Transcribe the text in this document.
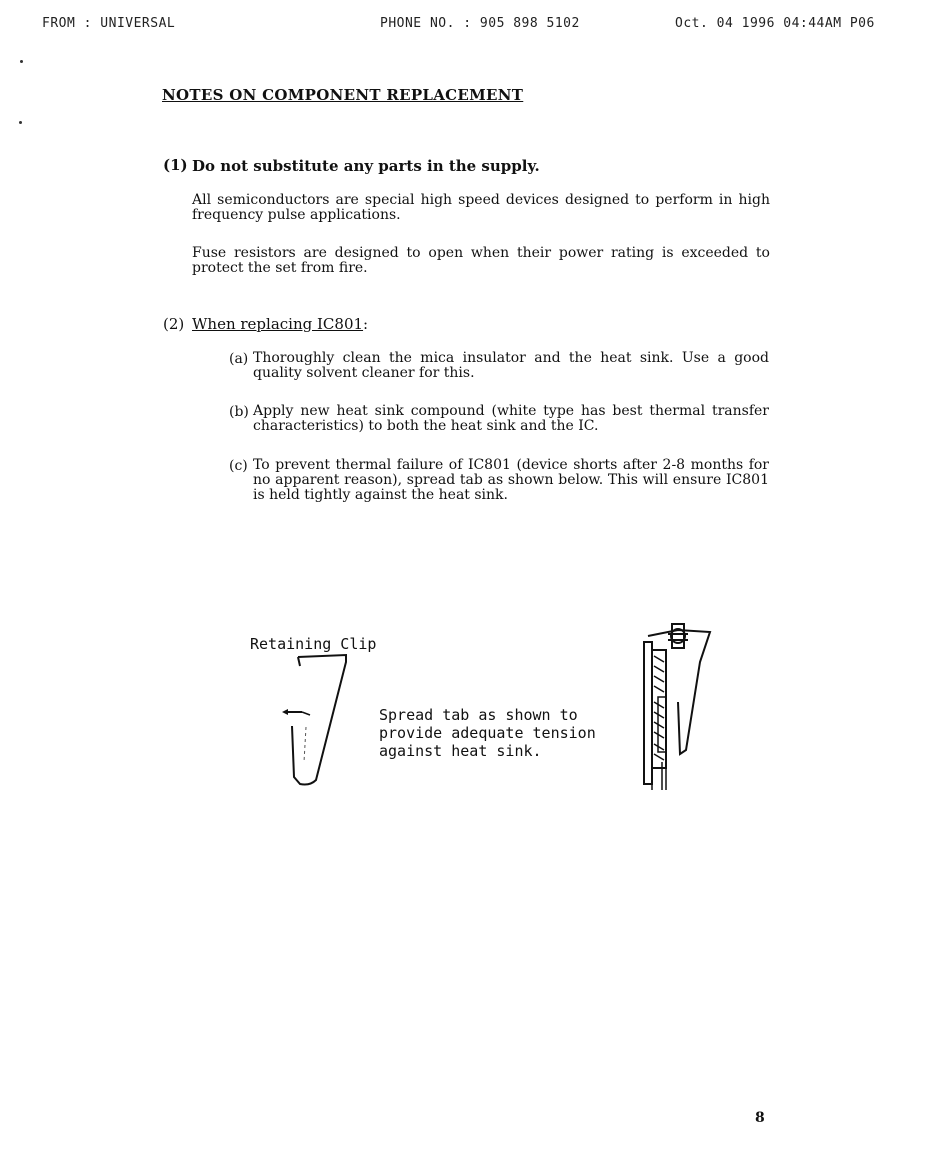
FROM : UNIVERSAL	PHONE NO. : 905 898 5102	Oct. 04 1996 04:44AM P06
NOTES ON COMPONENT REPLACEMENT
(1) Do not substitute any parts in the supply.
All semiconductors are special high speed devices designed to perform in high frequency pulse applications.
Fuse resistors are designed to open when their power rating is exceeded to protect the set from fire.
(2) When replacing IC801:
(a) Thoroughly clean the mica insulator and the heat sink. Use a good quality solvent cleaner for this.
(b) Apply new heat sink compound (white type has best thermal transfer characteristics) to both the heat sink and the IC.
(c) To prevent thermal failure of IC801 (device shorts after 2-8 months for no apparent reason), spread tab as shown below. This will ensure IC801 is held tightly against the heat sink.
Retaining Clip
Spread tab as shown to
provide adequate tension
against heat sink.
8
